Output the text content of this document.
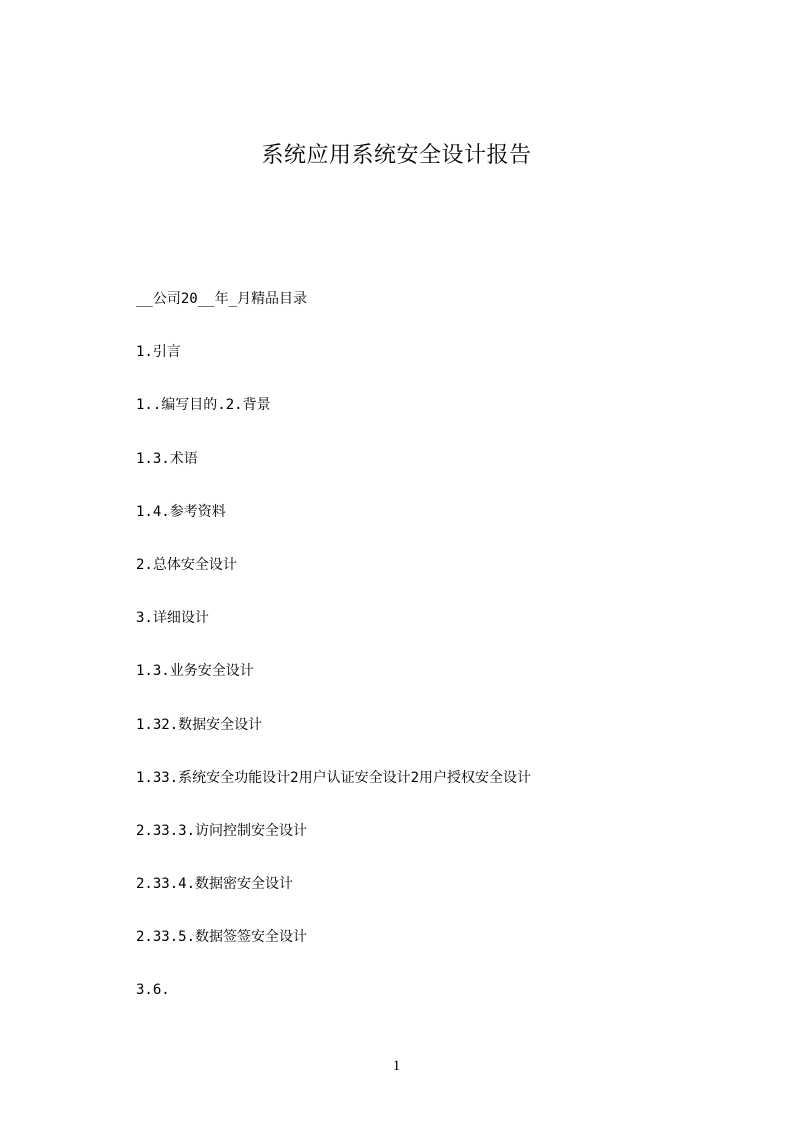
系统应用系统安全设计报告
__公司20__年_月精品目录
1.引言
1..编写目的.2.背景
1.3.术语
1.4.参考资料
2.总体安全设计
3.详细设计
1.3.业务安全设计
1.32.数据安全设计
1.33.系统安全功能设计2用户认证安全设计2用户授权安全设计
2.33.3.访问控制安全设计
2.33.4.数据密安全设计
2.33.5.数据签签安全设计
3.6.
1
